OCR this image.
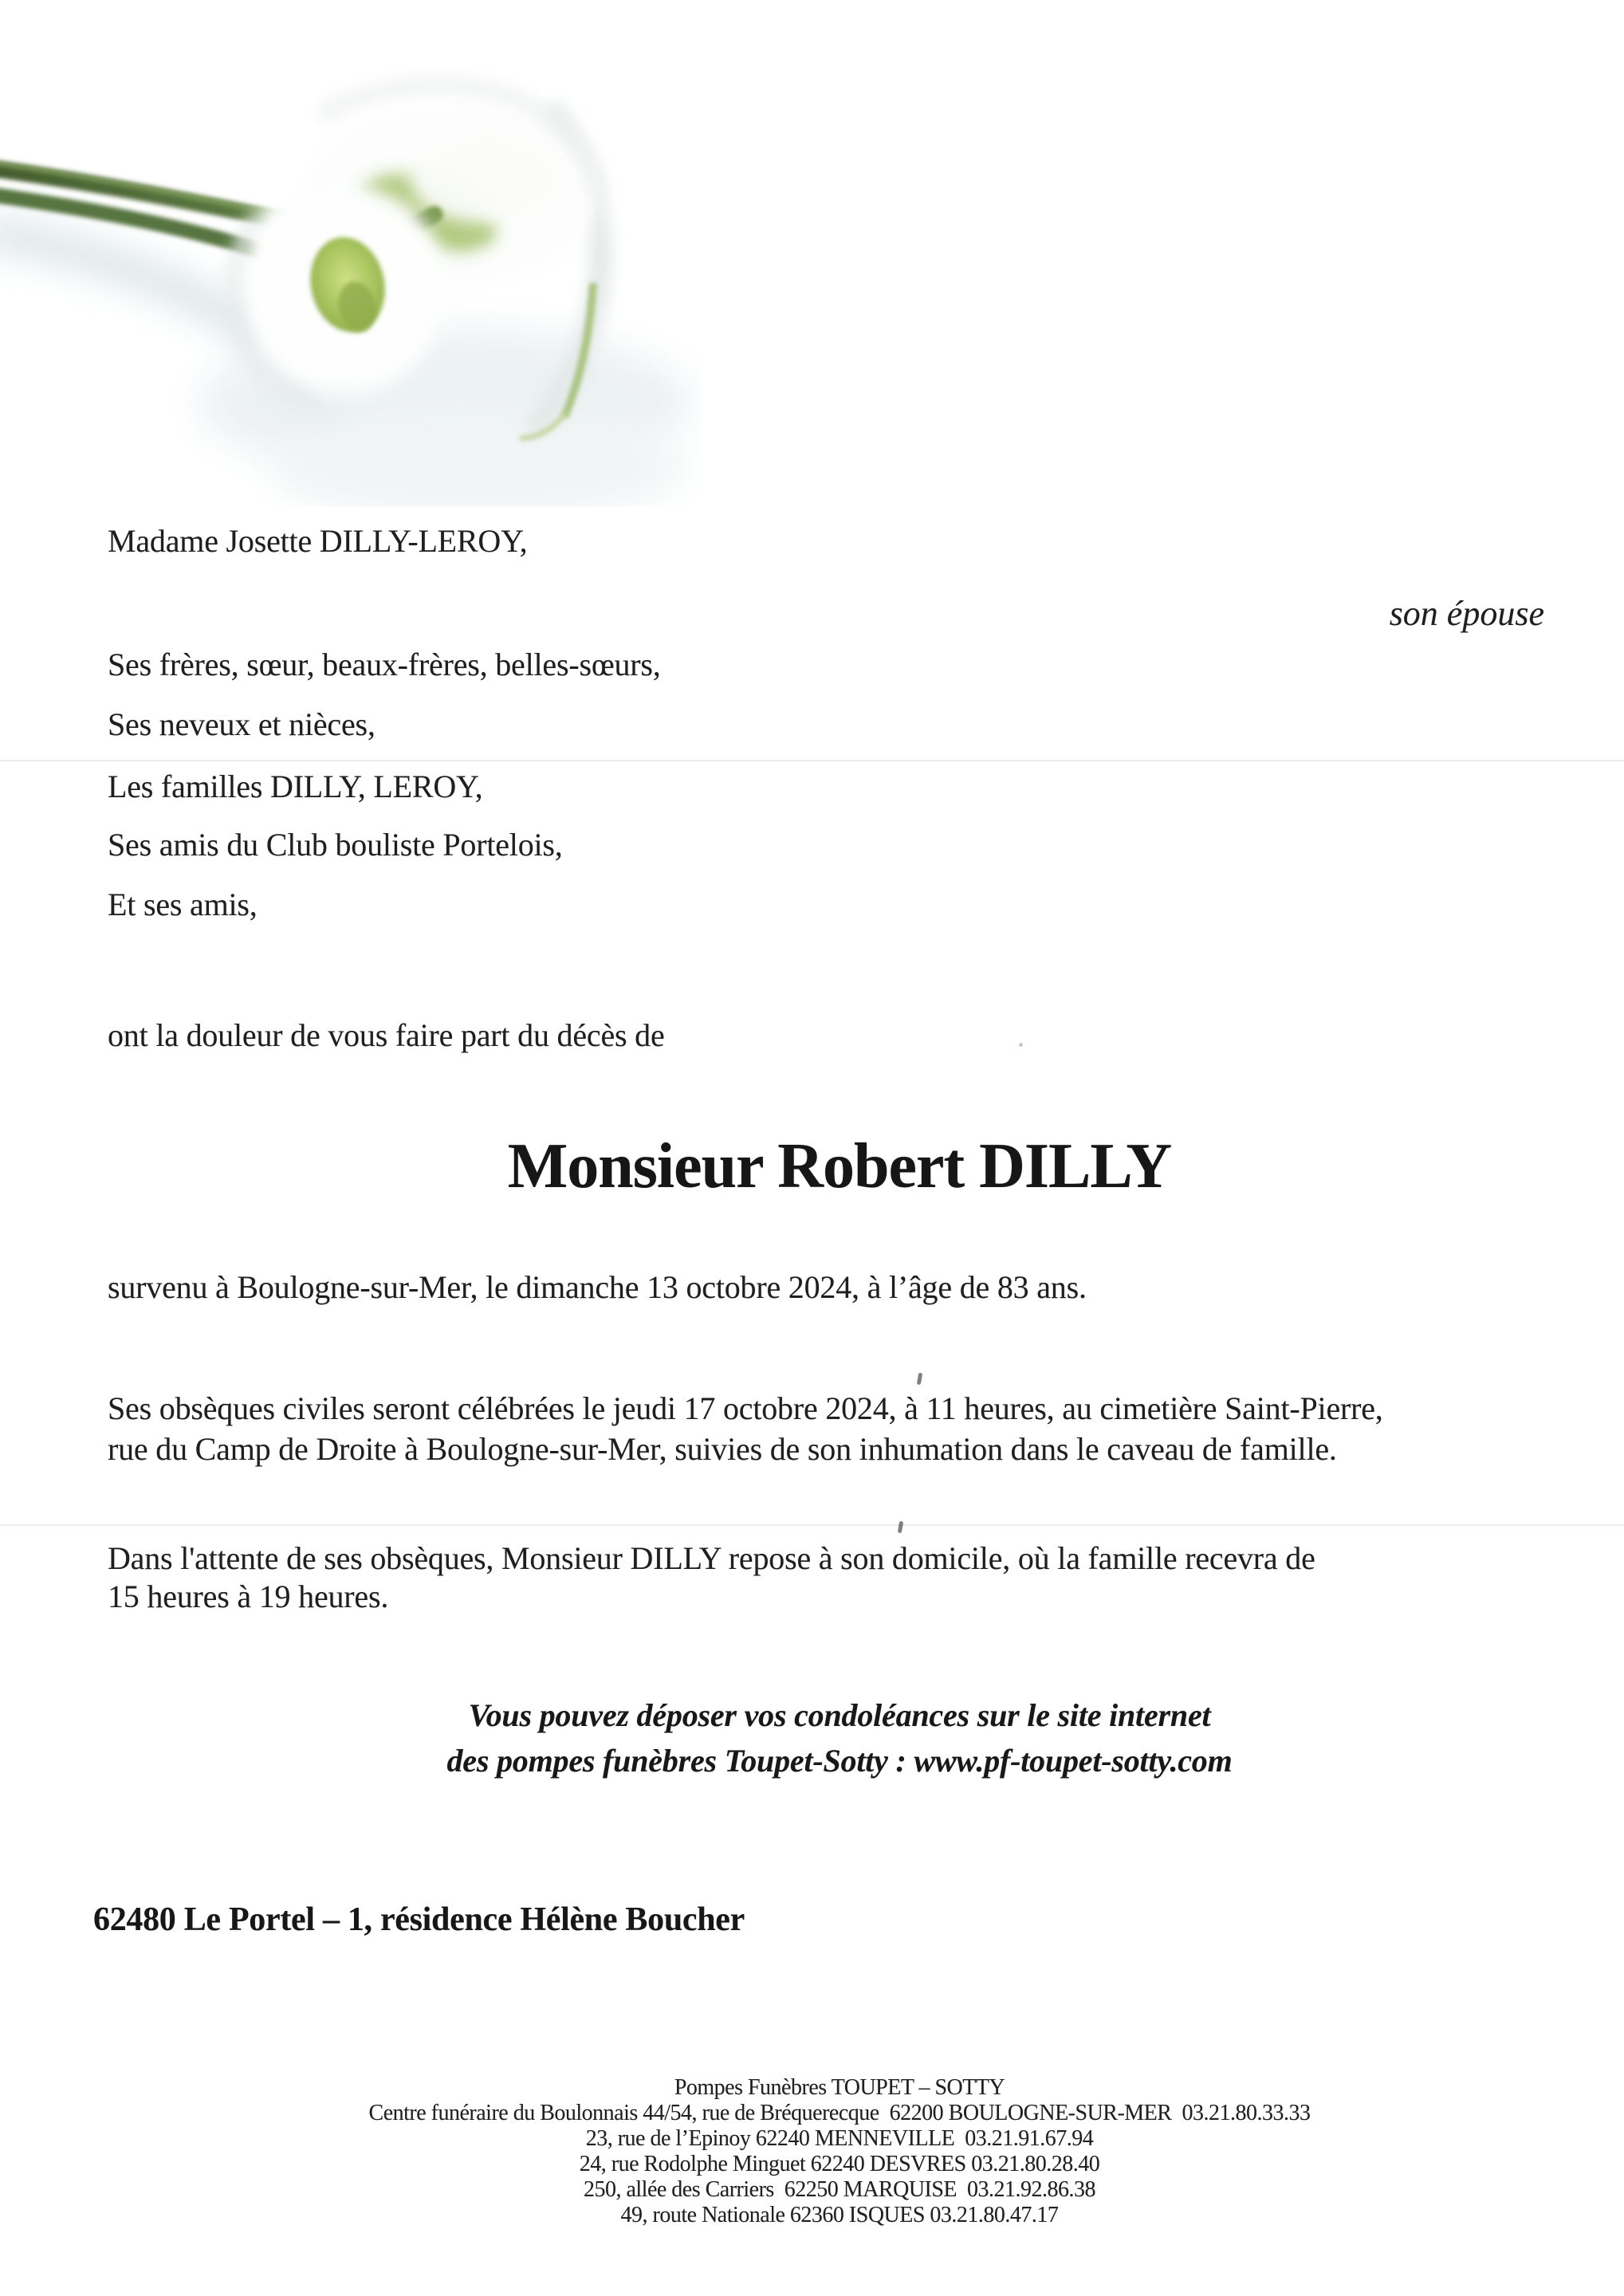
Madame Josette DILLY-LEROY,
son épouse
Ses frères, sœur, beaux-frères, belles-sœurs,
Ses neveux et nièces,
Les familles DILLY, LEROY,
Ses amis du Club bouliste Portelois,
Et ses amis,
ont la douleur de vous faire part du décès de
Monsieur Robert DILLY
survenu à Boulogne-sur-Mer, le dimanche 13 octobre 2024, à l’âge de 83 ans.
Ses obsèques civiles seront célébrées le jeudi 17 octobre 2024, à 11 heures, au cimetière Saint-Pierre,
rue du Camp de Droite à Boulogne-sur-Mer, suivies de son inhumation dans le caveau de famille.
Dans l'attente de ses obsèques, Monsieur DILLY repose à son domicile, où la famille recevra de
15 heures à 19 heures.
Vous pouvez déposer vos condoléances sur le site internet
des pompes funèbres Toupet-Sotty : www.pf-toupet-sotty.com
62480 Le Portel – 1, résidence Hélène Boucher
Pompes Funèbres TOUPET – SOTTY
Centre funéraire du Boulonnais 44/54, rue de Bréquerecque  62200 BOULOGNE-SUR-MER  03.21.80.33.33
23, rue de l’Epinoy 62240 MENNEVILLE  03.21.91.67.94
24, rue Rodolphe Minguet 62240 DESVRES 03.21.80.28.40
250, allée des Carriers  62250 MARQUISE  03.21.92.86.38
49, route Nationale 62360 ISQUES 03.21.80.47.17
